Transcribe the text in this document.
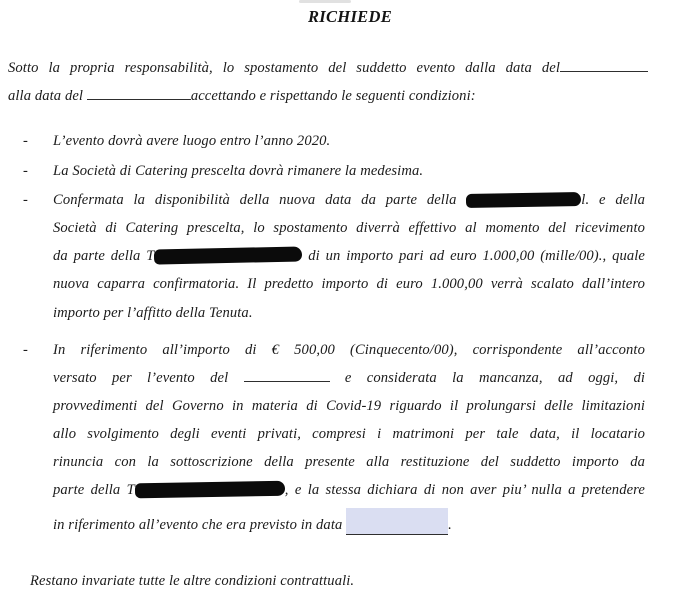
RICHIEDE
Sotto la propria responsabilità, lo spostamento del suddetto evento dalla data del
alla data del	accettando e rispettando le seguenti condizioni:
-	L’evento dovrà avere luogo entro l’anno 2020.
-	La Società di Catering prescelta dovrà rimanere la medesima.
-	Confermata la disponibilità della nuova data da parte della	l. e della
Società di Catering prescelta, lo spostamento diverrà effettivo al momento del ricevimento
da parte della T	di un importo pari ad euro 1.000,00 (mille/00)., quale
nuova caparra confirmatoria. Il predetto importo di euro 1.000,00 verrà scalato dall’intero
importo per l’affitto della Tenuta.
-	In riferimento all’importo di € 500,00 (Cinquecento/00), corrispondente all’acconto
versato per l’evento del	e considerata la mancanza, ad oggi, di
provvedimenti del Governo in materia di Covid-19 riguardo il prolungarsi delle limitazioni
allo svolgimento degli eventi privati, compresi i matrimoni per tale data, il locatario
rinuncia con la sottoscrizione della presente alla restituzione del suddetto importo da
parte della T	, e la stessa dichiara di non aver piu’ nulla a pretendere
in riferimento all’evento che era previsto in data	.
Restano invariate tutte le altre condizioni contrattuali.
